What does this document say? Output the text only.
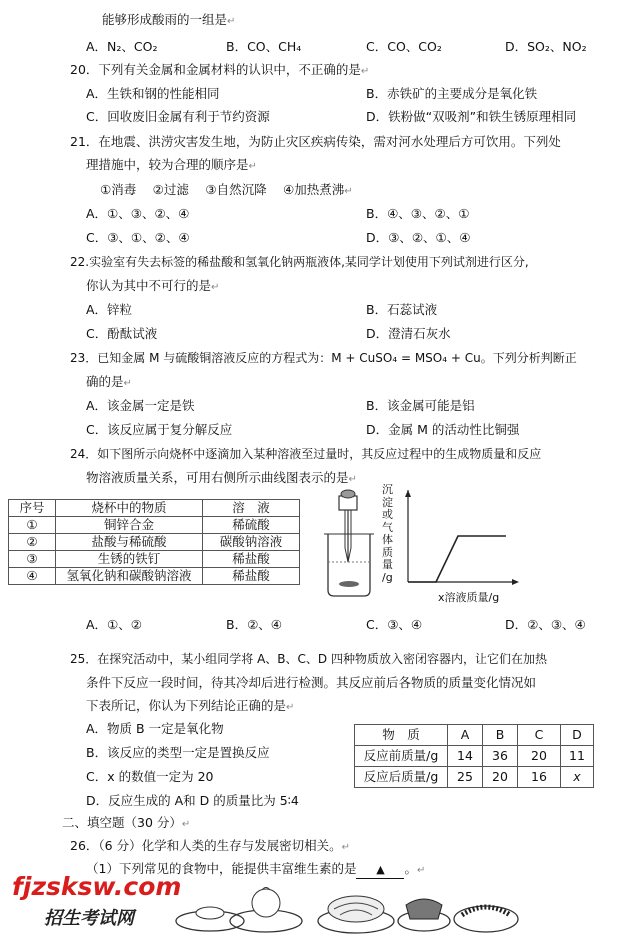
能够形成酸雨的一组是↵
A．N₂、CO₂	B．CO、CH₄	C．CO、CO₂	D．SO₂、NO₂
20．下列有关金属和金属材料的认识中，不正确的是↵
A．生铁和钢的性能相同	B．赤铁矿的主要成分是氧化铁
C．回收废旧金属有利于节约资源	D．铁粉做“双吸剂”和铁生锈原理相同
21．在地震、洪涝灾害发生地，为防止灾区疾病传染，需对河水处理后方可饮用。下列处
理措施中，较为合理的顺序是↵
①消毒　 ②过滤　 ③自然沉降　 ④加热煮沸↵
A．①、③、②、④	B．④、③、②、①
C．③、①、②、④	D．③、②、①、④
22.实验室有失去标签的稀盐酸和氢氧化钠两瓶液体,某同学计划使用下列试剂进行区分,
你认为其中不可行的是↵
A．锌粒	B．石蕊试液
C．酚酞试液	D．澄清石灰水
23．已知金属 M 与硫酸铜溶液反应的方程式为：M + CuSO₄ = MSO₄ + Cu。下列分析判断正
确的是↵
A．该金属一定是铁	B．该金属可能是铝
C．该反应属于复分解反应	D．金属 M 的活动性比铜强
24．如下图所示向烧杯中逐滴加入某种溶液至过量时，其反应过程中的生成物质量和反应
物溶液质量关系，可用右侧所示曲线图表示的是↵
序号	烧杯中的物质	溶　液
①	铜锌合金	稀硫酸
②	盐酸与稀硫酸	碳酸钠溶液
③	生锈的铁钉	稀盐酸
④	氢氧化钠和碳酸钠溶液	稀盐酸
沉
淀
或
气
体
质
量
/g
x溶液质量/g
A．①、②	B．②、④	C．③、④	D．②、③、④
25．在探究活动中，某小组同学将 A、B、C、D 四种物质放入密闭容器内，让它们在加热
条件下反应一段时间，待其冷却后进行检测。其反应前后各物质的质量变化情况如
下表所记，你认为下列结论正确的是↵
A．物质 B 一定是氧化物
B．该反应的类型一定是置换反应
C．x 的数值一定为 20
D．反应生成的 A和 D 的质量比为 5∶4
物　质	A	B	C	D
反应前质量/g	14	36	20	11
反应后质量/g	25	20	16	x
二、填空题（30 分）↵
26．（6 分）化学和人类的生存与发展密切相关。↵
（1）下列常见的食物中，能提供丰富维生素的是 ▲ 。↵
fjzsksw.com
招生考试网
